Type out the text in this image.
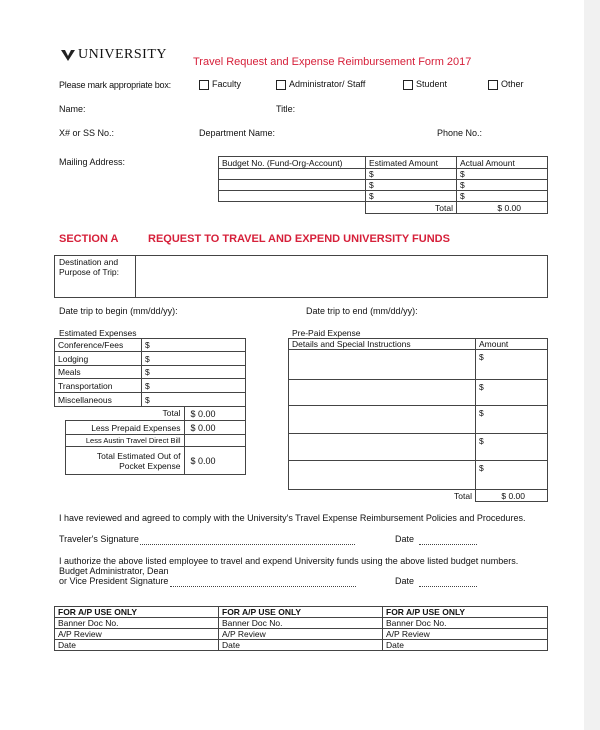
UNIVERSITY Travel Request and Expense Reimbursement Form 2017
Please mark appropriate box:	Faculty	Administrator/ Staff	Student	Other
Name:	Title:
X# or SS No.:	Department Name:	Phone No.:
Mailing Address:	Budget No. (Fund-Org-Account)	Estimated Amount	Actual Amount
	$	$
	$	$
	$	$
	Total	$ 0.00
SECTION A	REQUEST TO TRAVEL AND EXPEND UNIVERSITY FUNDS
Destination and Purpose of Trip:
Date trip to begin (mm/dd/yy):	Date trip to end (mm/dd/yy):
Estimated Expenses
Conference/Fees	$
Lodging	$
Meals	$
Transportation	$
Miscellaneous	$
Total	$ 0.00
Less Prepaid Expenses	$ 0.00
Less Austin Travel Direct Bill	

Total Estimated Out of
Pocket Expense	$ 0.00
Pre-Paid Expense
Details and Special Instructions	Amount
	$
	$
	$
	$
	$
Total	$ 0.00
I have reviewed and agreed to comply with the University's Travel Expense Reimbursement Policies and Procedures.
Traveler's Signature	Date
I authorize the above listed employee to travel and expend University funds using the above listed budget numbers.
Budget Administrator, Dean
or Vice President Signature	Date
FOR A/P USE ONLY	FOR A/P USE ONLY	FOR A/P USE ONLY
Banner Doc No.	Banner Doc No.	Banner Doc No.
A/P Review	A/P Review	A/P Review
Date	Date	Date
